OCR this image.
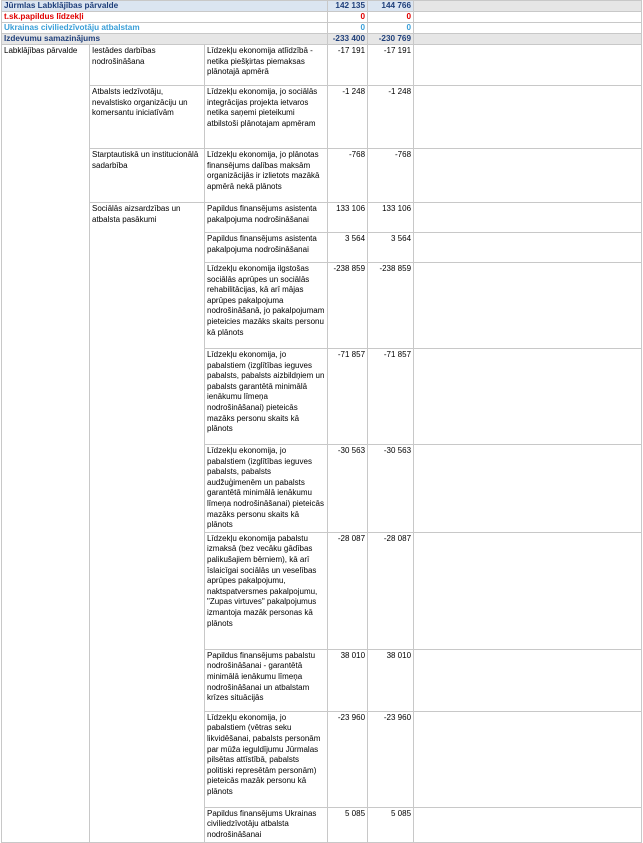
Jūrmlas Labklājības pārvalde			142 135	144 766	
t.sk.papildus līdzekļi			0	0	
Ukrainas civiliedzīvotāju atbalstam			0	0	
Izdevumu samazinājums			-233 400	-230 769	
Labklājības pārvalde	Iestādes darbības nodrošināšana	Līdzekļu ekonomija atlīdzībā - netika piešķirtas piemaksas plānotajā apmērā	-17 191	-17 191	
	Atbalsts iedzīvotāju, nevalstisko organizāciju un komersantu iniciatīvām	Līdzekļu ekonomija, jo sociālās integrācijas projekta ietvaros netika saņemi pieteikumi atbilstoši plānotajam apmēram	-1 248	-1 248	
	Starptautiskā un institucionālā sadarbība	Līdzekļu ekonomija, jo plānotas finansējums dalības maksām organizācijās ir izlietots mazākā apmērā nekā plānots	-768	-768	
	Sociālās aizsardzības un atbalsta pasākumi	Papildus finansējums asistenta pakalpojuma nodrošināšanai	133 106	133 106	
		Papildus finansējums asistenta pakalpojuma nodrošināšanai	3 564	3 564	
		Līdzekļu ekonomija ilgstošas sociālās aprūpes un sociālās rehabilitācijas, kā arī mājas aprūpes pakalpojuma nodrošināšanā, jo pakalpojumam pieteicies mazāks skaits personu kā plānots	-238 859	-238 859	
		Līdzekļu ekonomija, jo pabalstiem (izglītības ieguves pabalsts, pabalsts aizbildņiem un pabalsts garantētā minimālā ienākumu līmeņa nodrošināšanai) pieteicās mazāks personu skaits kā plānots	-71 857	-71 857	
		Līdzekļu ekonomija, jo pabalstiem (izglītības ieguves pabalsts, pabalsts audžuģimenēm un pabalsts garantētā minimālā ienākumu līmeņa nodrošināšanai) pieteicās mazāks personu skaits kā plānots	-30 563	-30 563	
		Līdzekļu ekonomija pabalstu izmaksā (bez vecāku gādības palikušajiem bērniem), kā arī īslaicīgai sociālās un veselības aprūpes pakalpojumu, naktspatversmes pakalpojumu, "Zupas virtuves" pakalpojumus izmantoja mazāk personas kā plānots	-28 087	-28 087	
		Papildus finansējums pabalstu nodrošināšanai - garantētā minimālā ienākumu līmeņa nodrošināšanai un atbalstam krīzes situācijās	38 010	38 010	
		Līdzekļu ekonomija, jo pabalstiem (vētras seku likvidēšanai, pabalsts personām par mūža ieguldījumu Jūrmalas pilsētas attīstībā, pabalsts politiski represētām personām) pieteicās mazāk personu kā plānots	-23 960	-23 960	
		Papildus finansējums Ukrainas civiliedzīvotāju atbalsta nodrošināšanai	5 085	5 085	
